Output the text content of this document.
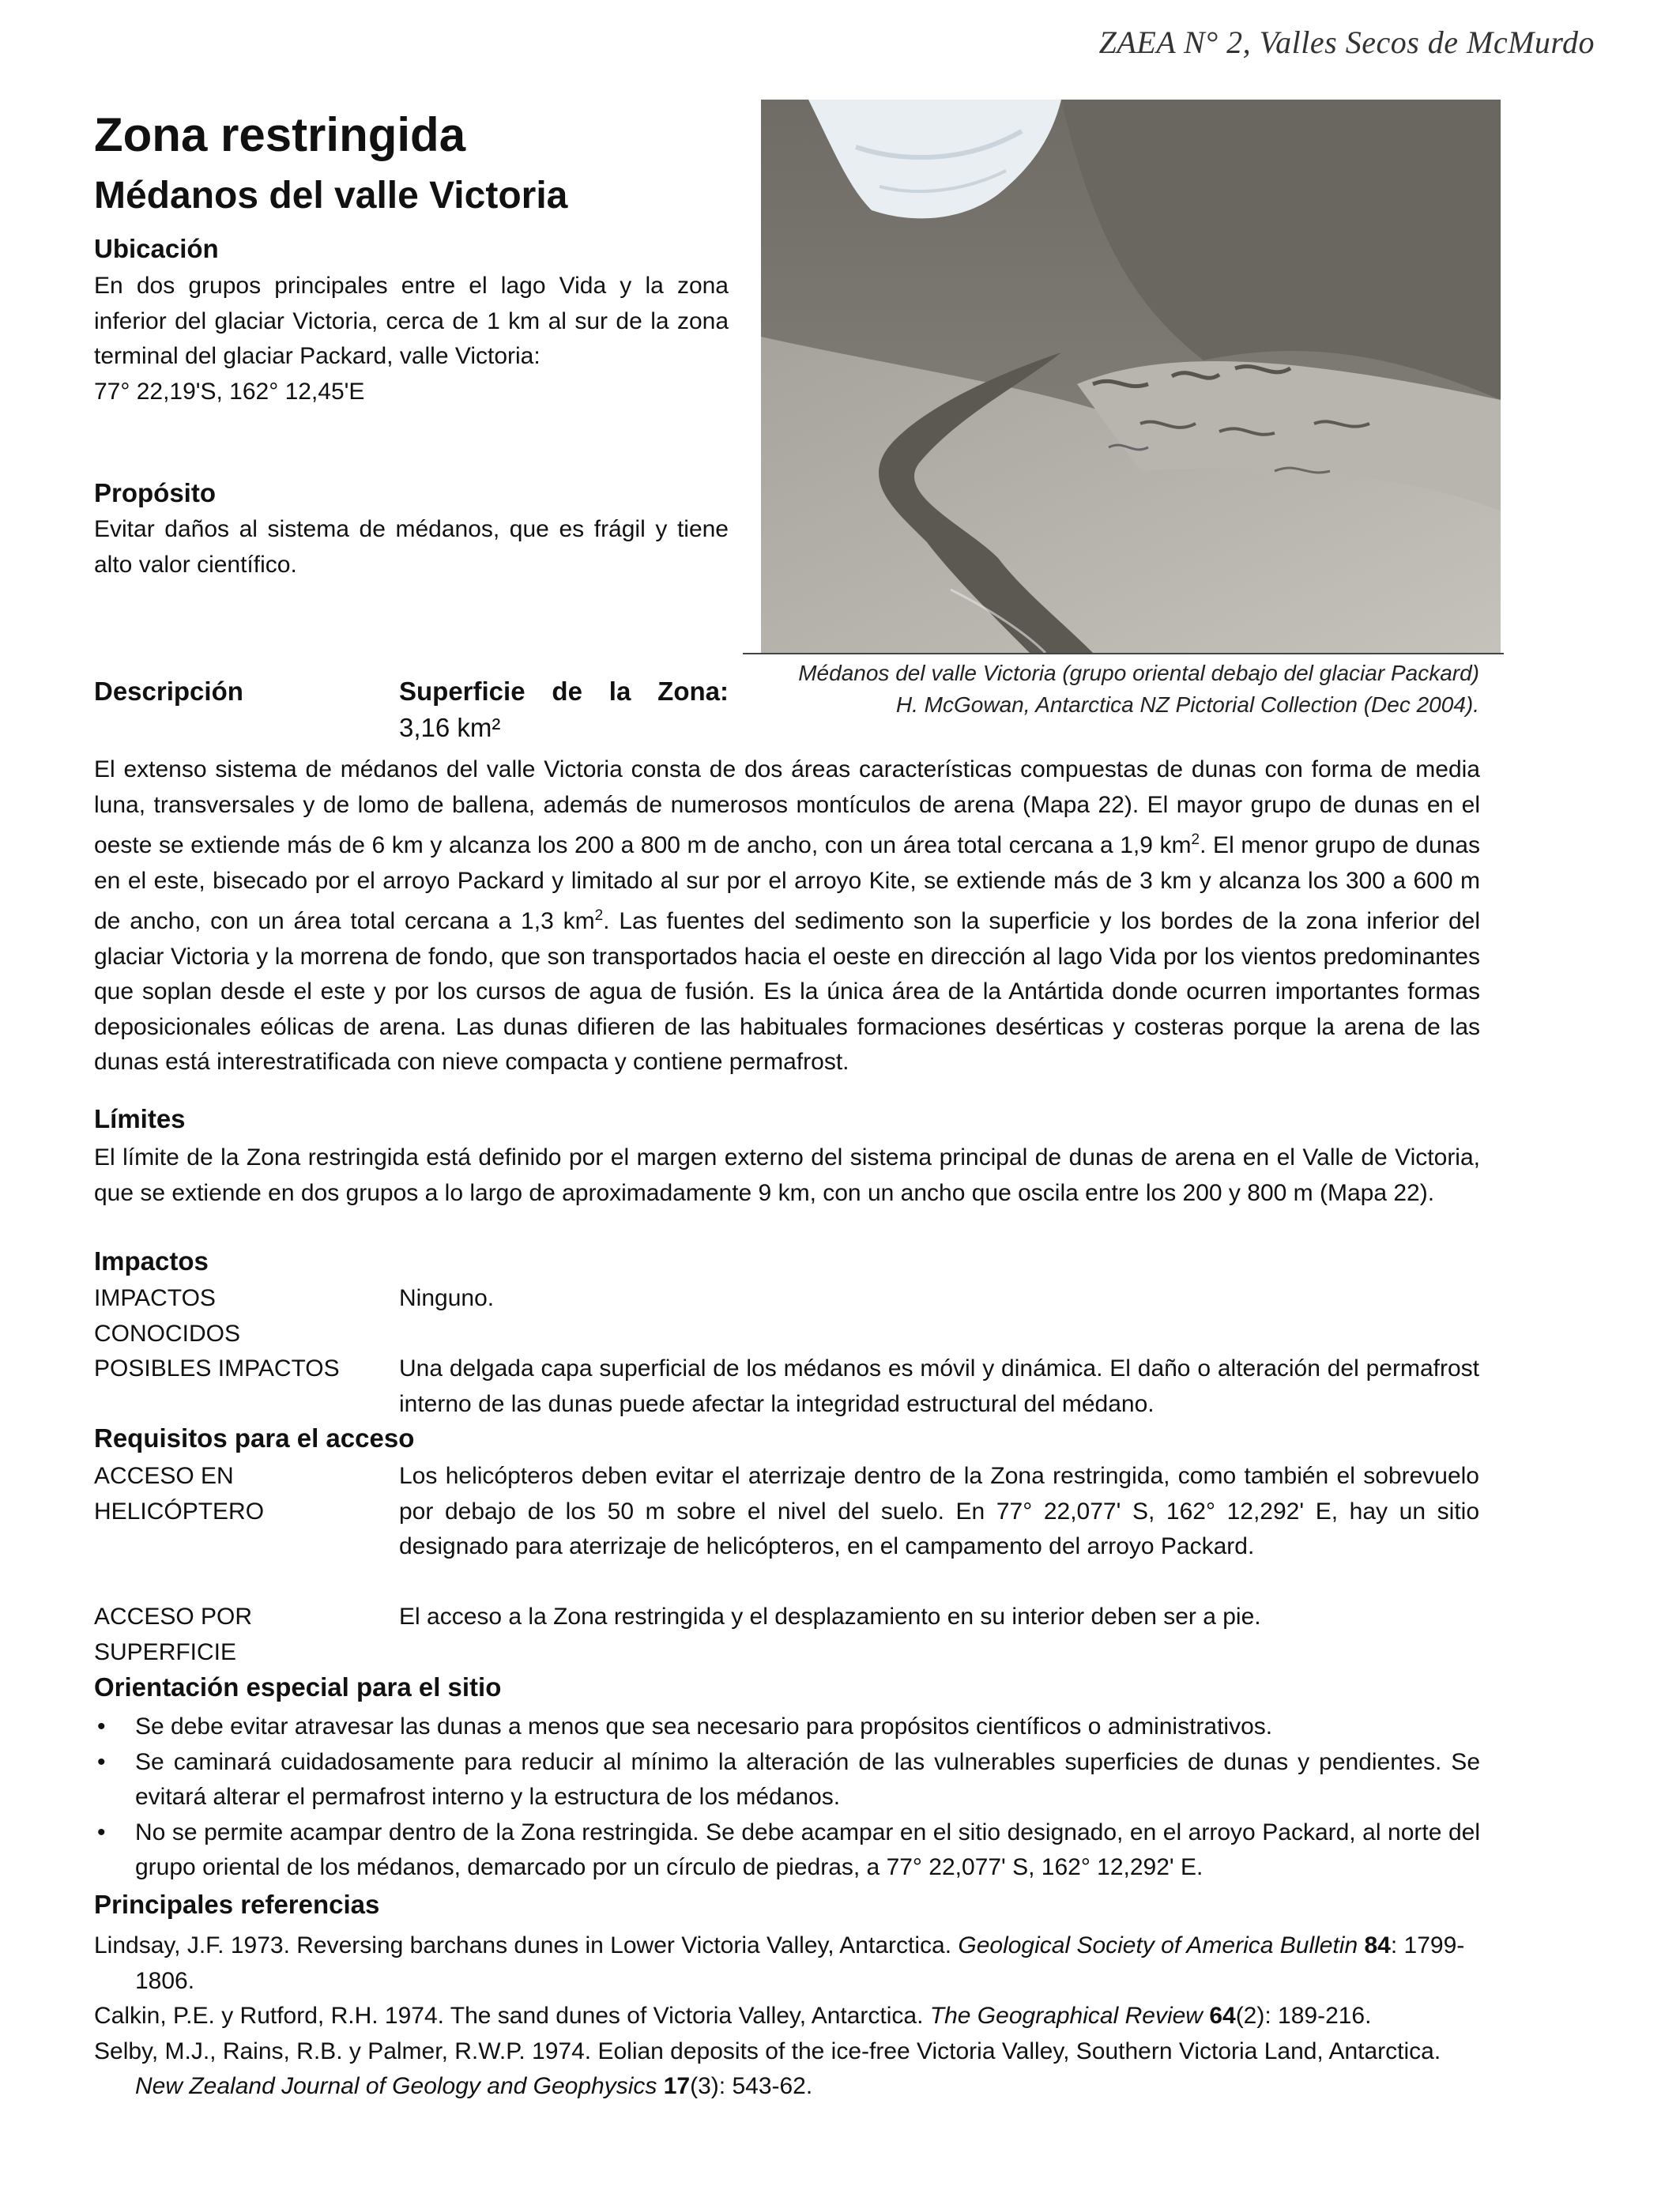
ZAEA N° 2, Valles Secos de McMurdo
Zona restringida
Médanos del valle Victoria
Ubicación
En dos grupos principales entre el lago Vida y la zona inferior del glaciar Victoria, cerca de 1 km al sur de la zona terminal del glaciar Packard, valle Victoria:
77° 22,19'S, 162° 12,45'E
Propósito
Evitar daños al sistema de médanos, que es frágil y tiene alto valor científico.
Médanos del valle Victoria (grupo oriental debajo del glaciar Packard)
H. McGowan, Antarctica NZ Pictorial Collection (Dec 2004).
Descripción	Superficie de la Zona:
3,16 km²
El extenso sistema de médanos del valle Victoria consta de dos áreas características compuestas de dunas con forma de media luna, transversales y de lomo de ballena, además de numerosos montículos de arena (Mapa 22). El mayor grupo de dunas en el oeste se extiende más de 6 km y alcanza los 200 a 800 m de ancho, con un área total cercana a 1,9 $km^2$. El menor grupo de dunas en el este, bisecado por el arroyo Packard y limitado al sur por el arroyo Kite, se extiende más de 3 km y alcanza los 300 a 600 m de ancho, con un área total cercana a 1,3 $km^2$. Las fuentes del sedimento son la superficie y los bordes de la zona inferior del glaciar Victoria y la morrena de fondo, que son transportados hacia el oeste en dirección al lago Vida por los vientos predominantes que soplan desde el este y por los cursos de agua de fusión. Es la única área de la Antártida donde ocurren importantes formas deposicionales eólicas de arena. Las dunas difieren de las habituales formaciones desérticas y costeras porque la arena de las dunas está interestratificada con nieve compacta y contiene permafrost.
Límites
El límite de la Zona restringida está definido por el margen externo del sistema principal de dunas de arena en el Valle de Victoria, que se extiende en dos grupos a lo largo de aproximadamente 9 km, con un ancho que oscila entre los 200 y 800 m (Mapa 22).
Impactos
IMPACTOS
CONOCIDOS
Ninguno.
POSIBLES IMPACTOS	Una delgada capa superficial de los médanos es móvil y dinámica. El daño o alteración del permafrost interno de las dunas puede afectar la integridad estructural del médano.
Requisitos para el acceso
ACCESO EN
HELICÓPTERO
Los helicópteros deben evitar el aterrizaje dentro de la Zona restringida, como también el sobrevuelo por debajo de los 50 m sobre el nivel del suelo. En 77° 22,077' S, 162° 12,292' E, hay un sitio designado para aterrizaje de helicópteros, en el campamento del arroyo Packard.
ACCESO POR
SUPERFICIE
El acceso a la Zona restringida y el desplazamiento en su interior deben ser a pie.
Orientación especial para el sitio
• Se debe evitar atravesar las dunas a menos que sea necesario para propósitos científicos o administrativos.
• Se caminará cuidadosamente para reducir al mínimo la alteración de las vulnerables superficies de dunas y pendientes. Se evitará alterar el permafrost interno y la estructura de los médanos.
• No se permite acampar dentro de la Zona restringida. Se debe acampar en el sitio designado, en el arroyo Packard, al norte del grupo oriental de los médanos, demarcado por un círculo de piedras, a 77° 22,077' S, 162° 12,292' E.
Principales referencias
Lindsay, J.F. 1973. Reversing barchans dunes in Lower Victoria Valley, Antarctica. Geological Society of America Bulletin 84: 1799-1806.
Calkin, P.E. y Rutford, R.H. 1974. The sand dunes of Victoria Valley, Antarctica. The Geographical Review 64(2): 189-216.
Selby, M.J., Rains, R.B. y Palmer, R.W.P. 1974. Eolian deposits of the ice-free Victoria Valley, Southern Victoria Land, Antarctica. New Zealand Journal of Geology and Geophysics 17(3): 543-62.
